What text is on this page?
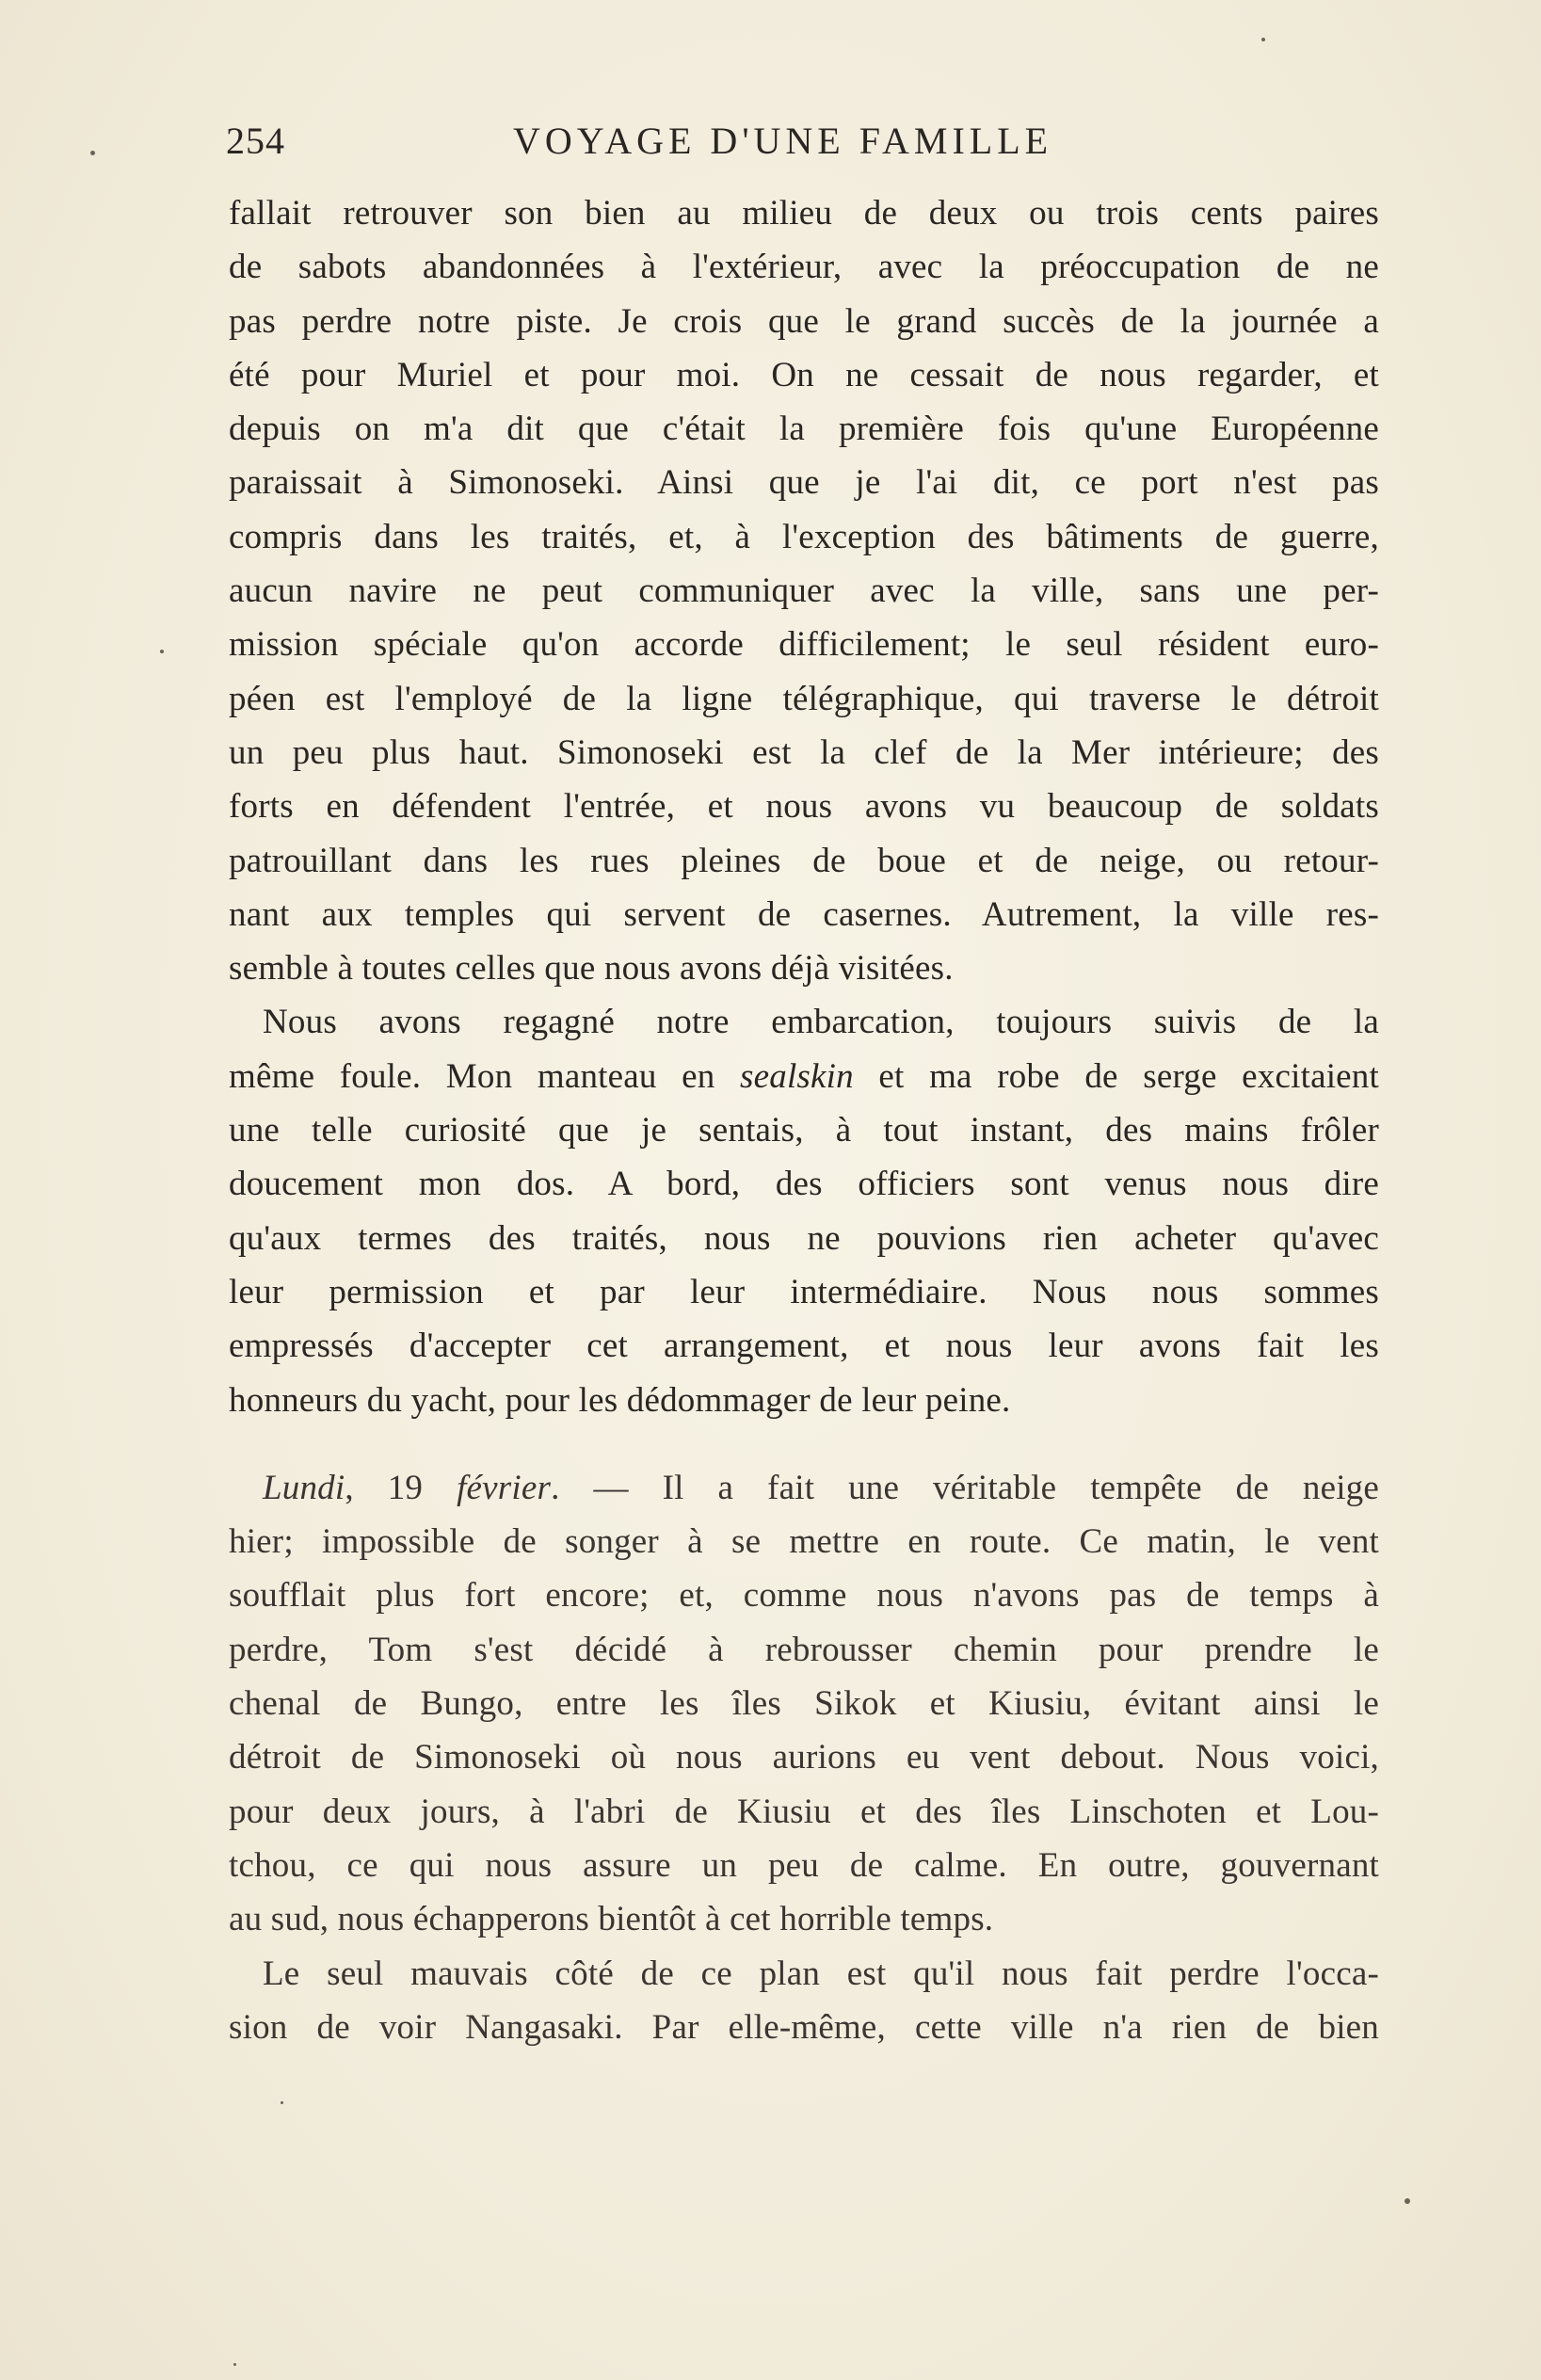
254	VOYAGE D'UNE FAMILLE
fallait retrouver son bien au milieu de deux ou trois cents paires
de sabots abandonnées à l'extérieur, avec la préoccupation de ne
pas perdre notre piste. Je crois que le grand succès de la journée a
été pour Muriel et pour moi. On ne cessait de nous regarder, et
depuis on m'a dit que c'était la première fois qu'une Européenne
paraissait à Simonoseki. Ainsi que je l'ai dit, ce port n'est pas
compris dans les traités, et, à l'exception des bâtiments de guerre,
aucun navire ne peut communiquer avec la ville, sans une per-
mission spéciale qu'on accorde difficilement; le seul résident euro-
péen est l'employé de la ligne télégraphique, qui traverse le détroit
un peu plus haut. Simonoseki est la clef de la Mer intérieure; des
forts en défendent l'entrée, et nous avons vu beaucoup de soldats
patrouillant dans les rues pleines de boue et de neige, ou retour-
nant aux temples qui servent de casernes. Autrement, la ville res-
semble à toutes celles que nous avons déjà visitées.
Nous avons regagné notre embarcation, toujours suivis de la
même foule. Mon manteau en sealskin et ma robe de serge excitaient
une telle curiosité que je sentais, à tout instant, des mains frôler
doucement mon dos. A bord, des officiers sont venus nous dire
qu'aux termes des traités, nous ne pouvions rien acheter qu'avec
leur permission et par leur intermédiaire. Nous nous sommes
empressés d'accepter cet arrangement, et nous leur avons fait les
honneurs du yacht, pour les dédommager de leur peine.
Lundi, 19 février. — Il a fait une véritable tempête de neige
hier; impossible de songer à se mettre en route. Ce matin, le vent
soufflait plus fort encore; et, comme nous n'avons pas de temps à
perdre, Tom s'est décidé à rebrousser chemin pour prendre le
chenal de Bungo, entre les îles Sikok et Kiusiu, évitant ainsi le
détroit de Simonoseki où nous aurions eu vent debout. Nous voici,
pour deux jours, à l'abri de Kiusiu et des îles Linschoten et Lou-
tchou, ce qui nous assure un peu de calme. En outre, gouvernant
au sud, nous échapperons bientôt à cet horrible temps.
Le seul mauvais côté de ce plan est qu'il nous fait perdre l'occa-
sion de voir Nangasaki. Par elle-même, cette ville n'a rien de bien
